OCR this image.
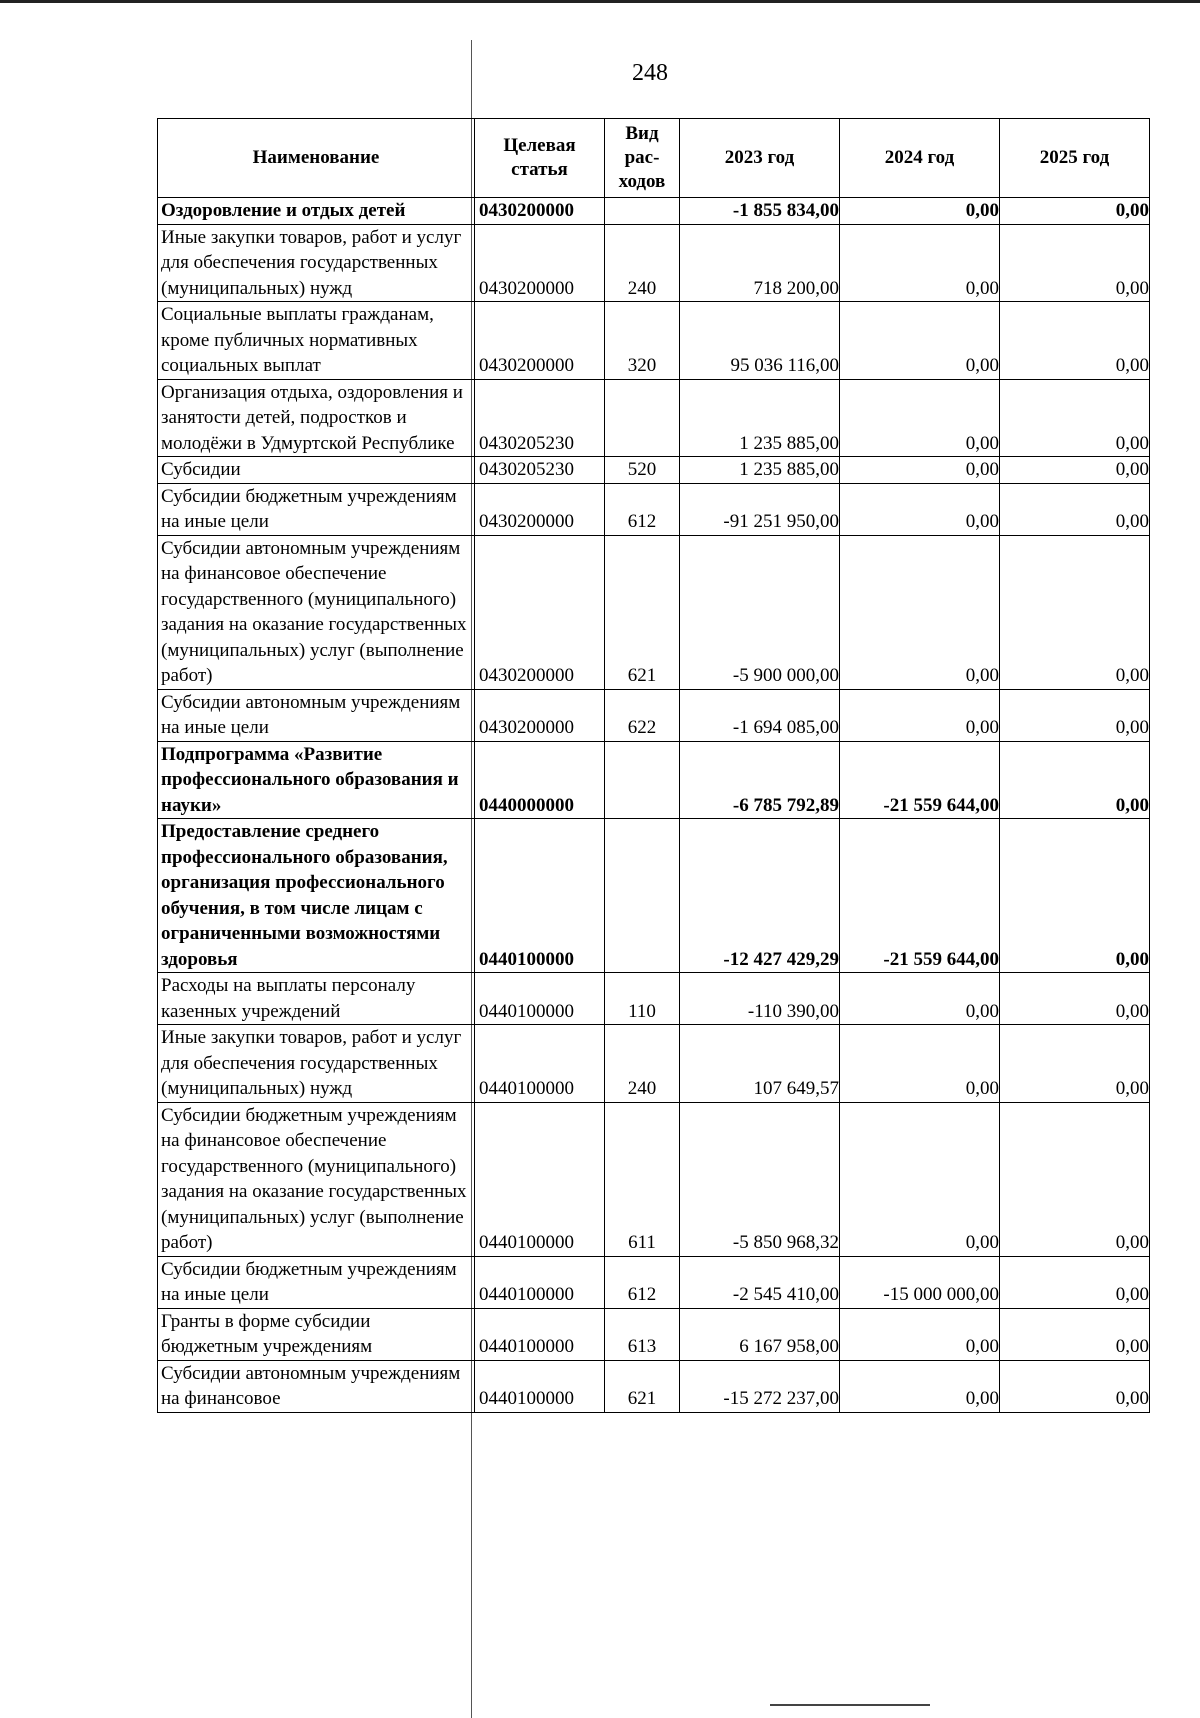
248
Наименование	Целевая статья	Вид рас-ходов	2023 год	2024 год	2025 год
Оздоровление и отдых детей	0430200000		-1 855 834,00	0,00	0,00
Иные закупки товаров, работ и услуг для обеспечения государственных (муниципальных) нужд	0430200000	240	718 200,00	0,00	0,00
Социальные выплаты гражданам, кроме публичных нормативных социальных выплат	0430200000	320	95 036 116,00	0,00	0,00
Организация отдыха, оздоровления и занятости детей, подростков и молодёжи в Удмуртской Республике	0430205230		1 235 885,00	0,00	0,00
Субсидии	0430205230	520	1 235 885,00	0,00	0,00
Субсидии бюджетным учреждениям на иные цели	0430200000	612	-91 251 950,00	0,00	0,00
Субсидии автономным учреждениям на финансовое обеспечение государственного (муниципального) задания на оказание государственных (муниципальных) услуг (выполнение работ)	0430200000	621	-5 900 000,00	0,00	0,00
Субсидии автономным учреждениям на иные цели	0430200000	622	-1 694 085,00	0,00	0,00
Подпрограмма «Развитие профессионального образования и науки»	0440000000		-6 785 792,89	-21 559 644,00	0,00
Предоставление среднего профессионального образования, организация профессионального обучения, в том числе лицам с ограниченными возможностями здоровья	0440100000		-12 427 429,29	-21 559 644,00	0,00
Расходы на выплаты персоналу казенных учреждений	0440100000	110	-110 390,00	0,00	0,00
Иные закупки товаров, работ и услуг для обеспечения государственных (муниципальных) нужд	0440100000	240	107 649,57	0,00	0,00
Субсидии бюджетным учреждениям на финансовое обеспечение государственного (муниципального) задания на оказание государственных (муниципальных) услуг (выполнение работ)	0440100000	611	-5 850 968,32	0,00	0,00
Субсидии бюджетным учреждениям на иные цели	0440100000	612	-2 545 410,00	-15 000 000,00	0,00
Гранты в форме субсидии бюджетным учреждениям	0440100000	613	6 167 958,00	0,00	0,00
Субсидии автономным учреждениям на финансовое	0440100000	621	-15 272 237,00	0,00	0,00
